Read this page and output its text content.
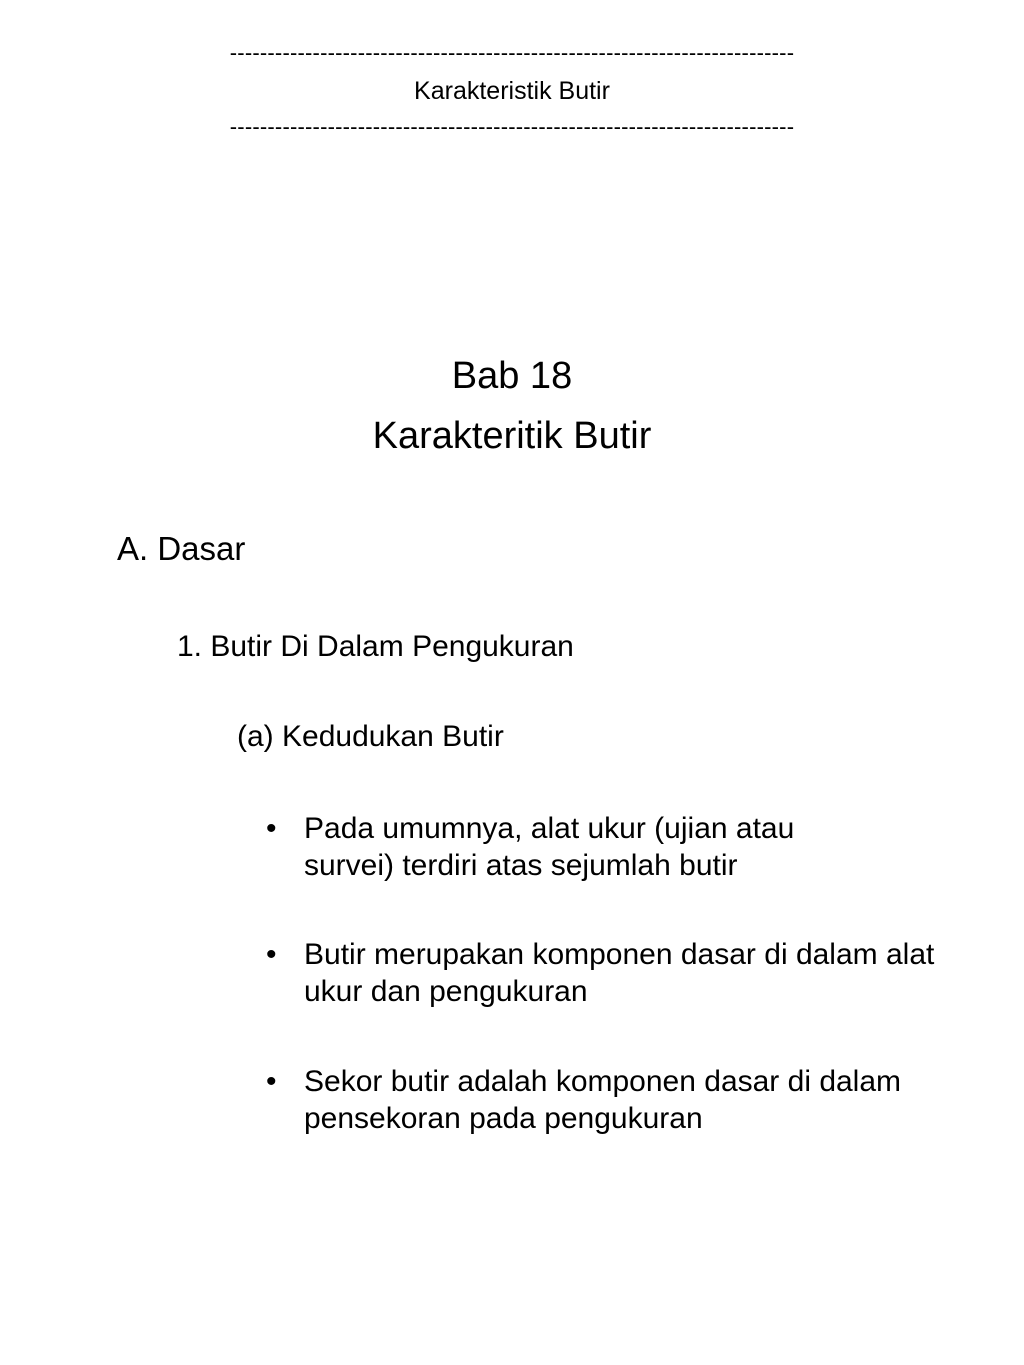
---------------------------------------------------------------------------
Karakteristik Butir
---------------------------------------------------------------------------
Bab 18
Karakteritik Butir
A. Dasar
1. Butir Di Dalam Pengukuran
(a) Kedudukan Butir
• Pada umumnya, alat ukur (ujian atau survei) terdiri atas sejumlah butir
• Butir merupakan komponen dasar di dalam alat ukur dan pengukuran
• Sekor butir adalah komponen dasar di dalam pensekoran pada pengukuran
